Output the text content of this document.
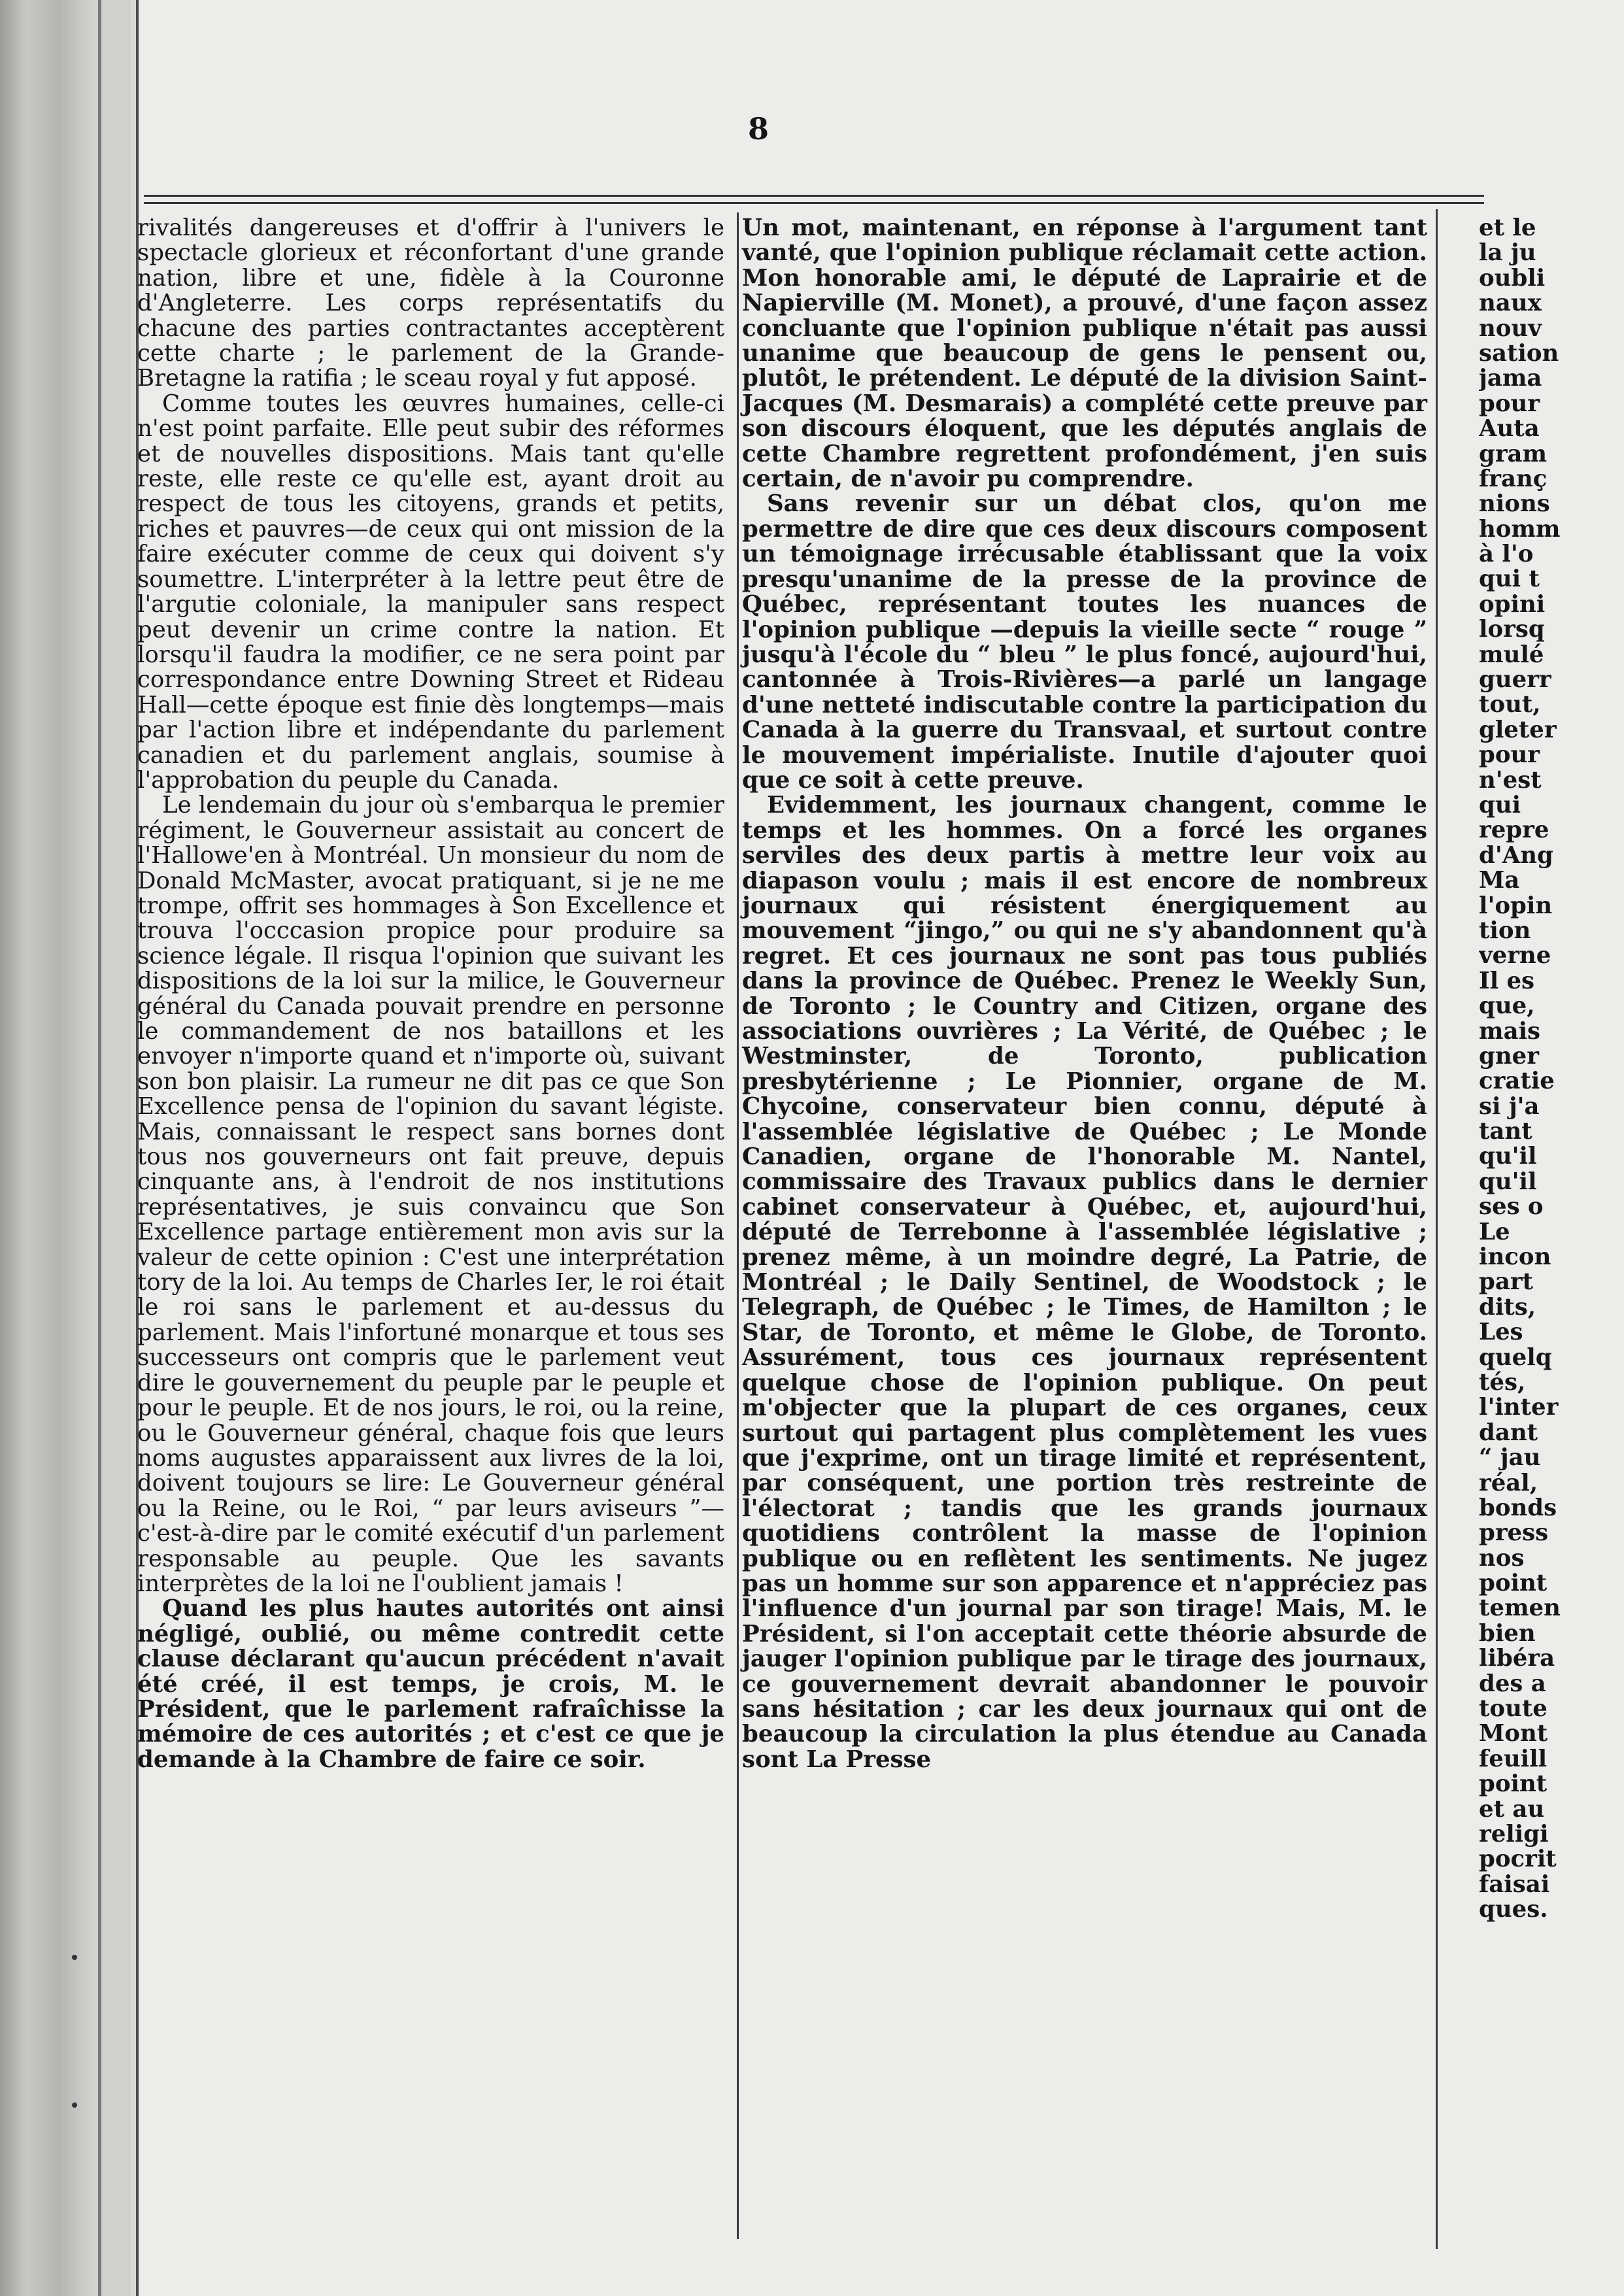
8

rivalités dangereuses et d'offrir à l'univers le spectacle glorieux et réconfortant d'une grande nation, libre et une, fidèle à la Couronne d'Angleterre. Les corps représentatifs du chacune des parties contractantes acceptèrent cette charte ; le parlement de la Grande-Bretagne la ratifia ; le sceau royal y fut apposé.

Comme toutes les œuvres humaines, celle-ci n'est point parfaite. Elle peut subir des réformes et de nouvelles dispositions. Mais tant qu'elle reste, elle reste ce qu'elle est, ayant droit au respect de tous les citoyens, grands et petits, riches et pauvres—de ceux qui ont mission de la faire exécuter comme de ceux qui doivent s'y soumettre. L'interpréter à la lettre peut être de l'argutie coloniale, la manipuler sans respect peut devenir un crime contre la nation. Et lorsqu'il faudra la modifier, ce ne sera point par correspondance entre Downing Street et Rideau Hall—cette époque est finie dès longtemps—mais par l'action libre et indépendante du parlement canadien et du parlement anglais, soumise à l'approbation du peuple du Canada.

Le lendemain du jour où s'embarqua le premier régiment, le Gouverneur assistait au concert de l'Hallowe'en à Montréal. Un monsieur du nom de Donald McMaster, avocat pratiquant, si je ne me trompe, offrit ses hommages à Son Excellence et trouva l'occcasion propice pour produire sa science légale. Il risqua l'opinion que suivant les dispositions de la loi sur la milice, le Gouverneur général du Canada pouvait prendre en personne le commandement de nos bataillons et les envoyer n'importe quand et n'importe où, suivant son bon plaisir. La rumeur ne dit pas ce que Son Excellence pensa de l'opinion du savant légiste. Mais, connaissant le respect sans bornes dont tous nos gouverneurs ont fait preuve, depuis cinquante ans, à l'endroit de nos institutions représentatives, je suis convaincu que Son Excellence partage entièrement mon avis sur la valeur de cette opinion : C'est une interprétation tory de la loi. Au temps de Charles Ier, le roi était le roi sans le parlement et au-dessus du parlement. Mais l'infortuné monarque et tous ses successeurs ont compris que le parlement veut dire le gouvernement du peuple par le peuple et pour le peuple. Et de nos jours, le roi, ou la reine, ou le Gouverneur général, chaque fois que leurs noms augustes apparaissent aux livres de la loi, doivent toujours se lire: Le Gouverneur général ou la Reine, ou le Roi, “ par leurs aviseurs ”—c'est-à-dire par le comité exécutif d'un parlement responsable au peuple. Que les savants interprètes de la loi ne l'oublient jamais !

Quand les plus hautes autorités ont ainsi négligé, oublié, ou même contredit cette clause déclarant qu'aucun précédent n'avait été créé, il est temps, je crois, M. le Président, que le parlement rafraîchisse la mémoire de ces autorités ; et c'est ce que je demande à la Chambre de faire ce soir.

Un mot, maintenant, en réponse à l'argument tant vanté, que l'opinion publique réclamait cette action. Mon honorable ami, le député de Laprairie et de Napierville (M. Monet), a prouvé, d'une façon assez concluante que l'opinion publique n'était pas aussi unanime que beaucoup de gens le pensent ou, plutôt, le prétendent. Le député de la division Saint-Jacques (M. Desmarais) a complété cette preuve par son discours éloquent, que les députés anglais de cette Chambre regrettent profondément, j'en suis certain, de n'avoir pu comprendre.

Sans revenir sur un débat clos, qu'on me permettre de dire que ces deux discours composent un témoignage irrécusable établissant que la voix presqu'unanime de la presse de la province de Québec, représentant toutes les nuances de l'opinion publique —depuis la vieille secte “ rouge ” jusqu'à l'école du “ bleu ” le plus foncé, aujourd'hui, cantonnée à Trois-Rivières—a parlé un langage d'une netteté indiscutable contre la participation du Canada à la guerre du Transvaal, et surtout contre le mouvement impérialiste. Inutile d'ajouter quoi que ce soit à cette preuve.

Evidemment, les journaux changent, comme le temps et les hommes. On a forcé les organes serviles des deux partis à mettre leur voix au diapason voulu ; mais il est encore de nombreux journaux qui résistent énergiquement au mouvement “jingo,” ou qui ne s'y abandonnent qu'à regret. Et ces journaux ne sont pas tous publiés dans la province de Québec. Prenez le Weekly Sun, de Toronto ; le Country and Citizen, organe des associations ouvrières ; La Vérité, de Québec ; le Westminster, de Toronto, publication presbytérienne ; Le Pionnier, organe de M. Chycoine, conservateur bien connu, député à l'assemblée législative de Québec ; Le Monde Canadien, organe de l'honorable M. Nantel, commissaire des Travaux publics dans le dernier cabinet conservateur à Québec, et, aujourd'hui, député de Terrebonne à l'assemblée législative ; prenez même, à un moindre degré, La Patrie, de Montréal ; le Daily Sentinel, de Woodstock ; le Telegraph, de Québec ; le Times, de Hamilton ; le Star, de Toronto, et même le Globe, de Toronto. Assurément, tous ces journaux représentent quelque chose de l'opinion publique. On peut m'objecter que la plupart de ces organes, ceux surtout qui partagent plus complètement les vues que j'exprime, ont un tirage limité et représentent, par conséquent, une portion très restreinte de l'électorat ; tandis que les grands journaux quotidiens contrôlent la masse de l'opinion publique ou en reflètent les sentiments. Ne jugez pas un homme sur son apparence et n'appréciez pas l'influence d'un journal par son tirage! Mais, M. le Président, si l'on acceptait cette théorie absurde de jauger l'opinion publique par le tirage des journaux, ce gouvernement devrait abandonner le pouvoir sans hésitation ; car les deux journaux qui ont de beaucoup la circulation la plus étendue au Canada sont La Presse

et le
la ju
oubli
naux
nouv
sation
jama
pour
Auta
gram
franç
nions
homm
à l'o
qui t
opini
lorsq
mulé
guerr
tout,
gleter
pour
n'est
qui
repre
d'Ang
Ma
l'opin
tion
verne
Il es
que,
mais
gner
cratie
si j'a
tant
qu'il
qu'il
ses o
Le
incon
part
dits,
Les
quelq
tés,
l'inter
dant
“ jau
réal,
bonds
press
nos
point
temen
bien
libéra
des a
toute
Mont
feuill
point
et au
religi
pocrit
faisai
ques.
